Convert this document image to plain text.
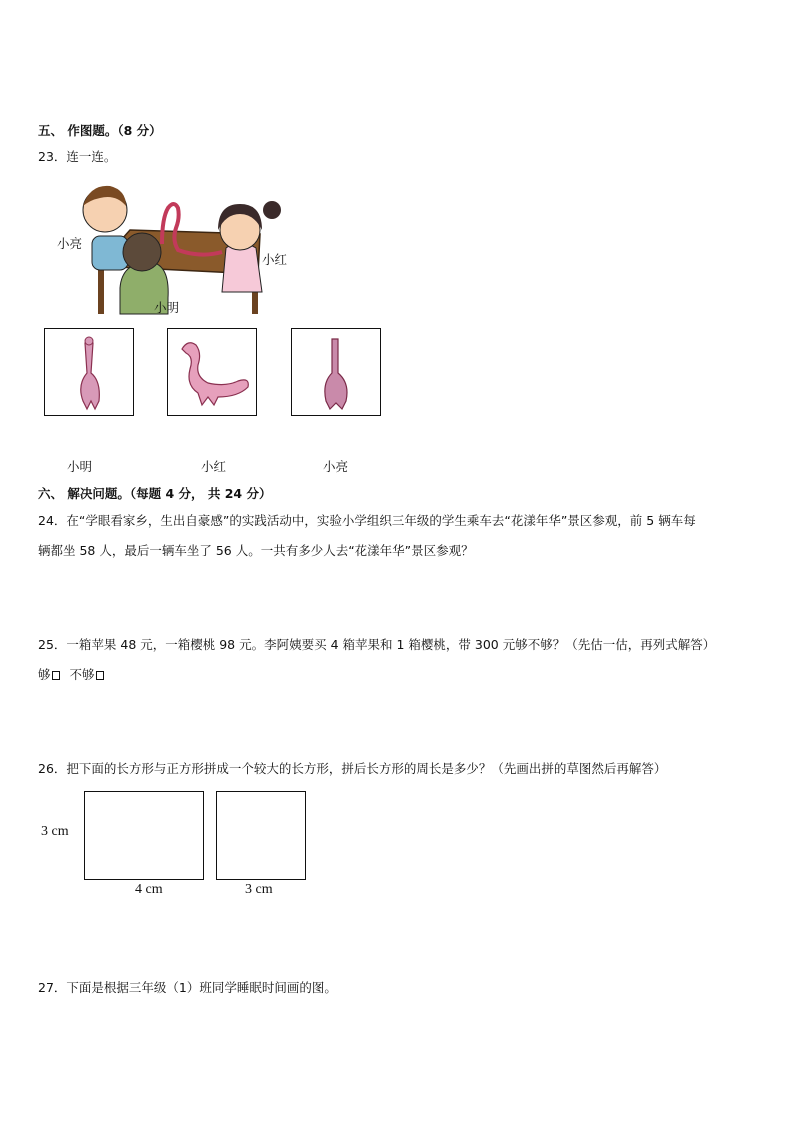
五、 作图题。（8 分）
23．连一连。
小亮
小红
小明
小明	小红	小亮
六、 解决问题。（每题 4 分， 共 24 分）
24．在“学眼看家乡，生出自豪感”的实践活动中，实验小学组织三年级的学生乘车去“花漾年华”景区参观，前 5 辆车每
辆都坐 58 人，最后一辆车坐了 56 人。一共有多少人去“花漾年华”景区参观？
25．一箱苹果 48 元，一箱樱桃 98 元。李阿姨要买 4 箱苹果和 1 箱樱桃，带 300 元够不够？（先估一估，再列式解答）
够 不够
26．把下面的长方形与正方形拼成一个较大的长方形，拼后长方形的周长是多少？（先画出拼的草图然后再解答）
3 cm
4 cm	3 cm
27．下面是根据三年级（1）班同学睡眠时间画的图。
